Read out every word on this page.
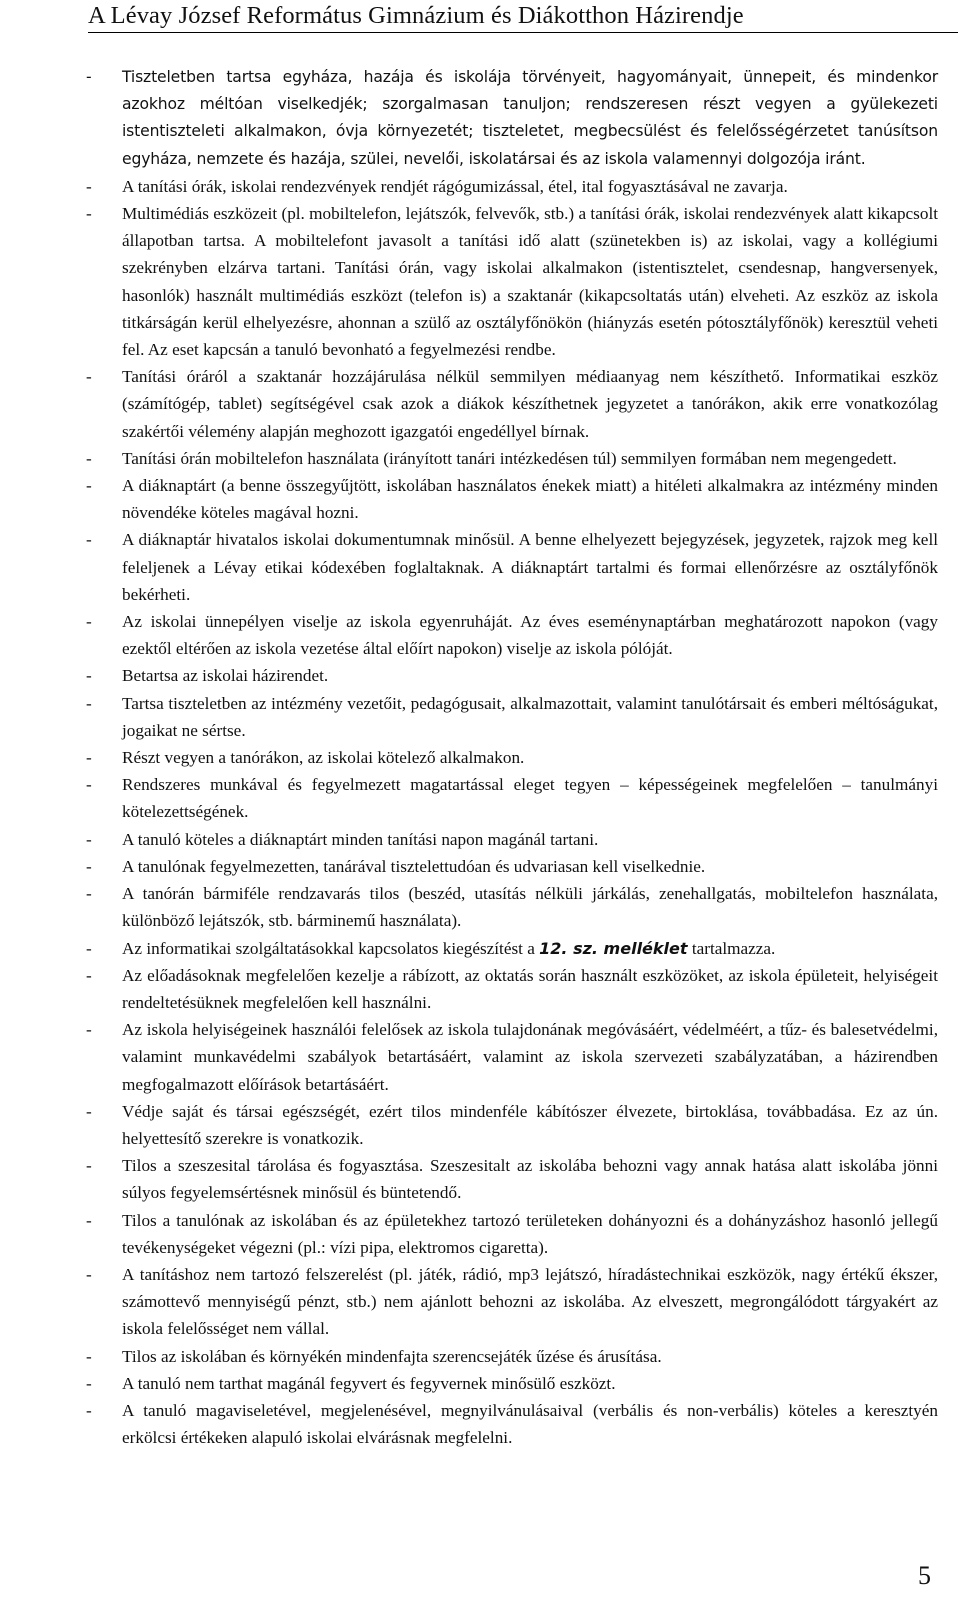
A Lévay József Református Gimnázium és Diákotthon Házirendje
- Tiszteletben tartsa egyháza, hazája és iskolája törvényeit, hagyományait, ünnepeit, és mindenkor azokhoz méltóan viselkedjék; szorgalmasan tanuljon; rendszeresen részt vegyen a gyülekezeti istentiszteleti alkalmakon, óvja környezetét; tiszteletet, megbecsülést és felelősségérzetet tanúsítson egyháza, nemzete és hazája, szülei, nevelői, iskolatársai és az iskola valamennyi dolgozója iránt.
- A tanítási órák, iskolai rendezvények rendjét rágógumizással, étel, ital fogyasztásával ne zavarja.
- Multimédiás eszközeit (pl. mobiltelefon, lejátszók, felvevők, stb.) a tanítási órák, iskolai rendezvények alatt kikapcsolt állapotban tartsa. A mobiltelefont javasolt a tanítási idő alatt (szünetekben is) az iskolai, vagy a kollégiumi szekrényben elzárva tartani. Tanítási órán, vagy iskolai alkalmakon (istentisztelet, csendesnap, hangversenyek, hasonlók) használt multimédiás eszközt (telefon is) a szaktanár (kikapcsoltatás után) elveheti. Az eszköz az iskola titkárságán kerül elhelyezésre, ahonnan a szülő az osztályfőnökön (hiányzás esetén pótosztályfőnök) keresztül veheti fel. Az eset kapcsán a tanuló bevonható a fegyelmezési rendbe.
- Tanítási óráról a szaktanár hozzájárulása nélkül semmilyen médiaanyag nem készíthető. Informatikai eszköz (számítógép, tablet) segítségével csak azok a diákok készíthetnek jegyzetet a tanórákon, akik erre vonatkozólag szakértői vélemény alapján meghozott igazgatói engedéllyel bírnak.
- Tanítási órán mobiltelefon használata (irányított tanári intézkedésen túl) semmilyen formában nem megengedett.
- A diáknaptárt (a benne összegyűjtött, iskolában használatos énekek miatt) a hitéleti alkalmakra az intézmény minden növendéke köteles magával hozni.
- A diáknaptár hivatalos iskolai dokumentumnak minősül. A benne elhelyezett bejegyzések, jegyzetek, rajzok meg kell feleljenek a Lévay etikai kódexében foglaltaknak. A diáknaptárt tartalmi és formai ellenőrzésre az osztályfőnök bekérheti.
- Az iskolai ünnepélyen viselje az iskola egyenruháját. Az éves eseménynaptárban meghatározott napokon (vagy ezektől eltérően az iskola vezetése által előírt napokon) viselje az iskola pólóját.
- Betartsa az iskolai házirendet.
- Tartsa tiszteletben az intézmény vezetőit, pedagógusait, alkalmazottait, valamint tanulótársait és emberi méltóságukat, jogaikat ne sértse.
- Részt vegyen a tanórákon, az iskolai kötelező alkalmakon.
- Rendszeres munkával és fegyelmezett magatartással eleget tegyen – képességeinek megfelelően – tanulmányi kötelezettségének.
- A tanuló köteles a diáknaptárt minden tanítási napon magánál tartani.
- A tanulónak fegyelmezetten, tanárával tisztelettudóan és udvariasan kell viselkednie.
- A tanórán bármiféle rendzavarás tilos (beszéd, utasítás nélküli járkálás, zenehallgatás, mobiltelefon használata, különböző lejátszók, stb. bárminemű használata).
- Az informatikai szolgáltatásokkal kapcsolatos kiegészítést a 12. sz. melléklet tartalmazza.
- Az előadásoknak megfelelően kezelje a rábízott, az oktatás során használt eszközöket, az iskola épületeit, helyiségeit rendeltetésüknek megfelelően kell használni.
- Az iskola helyiségeinek használói felelősek az iskola tulajdonának megóvásáért, védelméért, a tűz- és balesetvédelmi, valamint munkavédelmi szabályok betartásáért, valamint az iskola szervezeti szabályzatában, a házirendben megfogalmazott előírások betartásáért.
- Védje saját és társai egészségét, ezért tilos mindenféle kábítószer élvezete, birtoklása, továbbadása. Ez az ún. helyettesítő szerekre is vonatkozik.
- Tilos a szeszesital tárolása és fogyasztása. Szeszesitalt az iskolába behozni vagy annak hatása alatt iskolába jönni súlyos fegyelemsértésnek minősül és büntetendő.
- Tilos a tanulónak az iskolában és az épületekhez tartozó területeken dohányozni és a dohányzáshoz hasonló jellegű tevékenységeket végezni (pl.: vízi pipa, elektromos cigaretta).
- A tanításhoz nem tartozó felszerelést (pl. játék, rádió, mp3 lejátszó, híradástechnikai eszközök, nagy értékű ékszer, számottevő mennyiségű pénzt, stb.) nem ajánlott behozni az iskolába. Az elveszett, megrongálódott tárgyakért az iskola felelősséget nem vállal.
- Tilos az iskolában és környékén mindenfajta szerencsejáték űzése és árusítása.
- A tanuló nem tarthat magánál fegyvert és fegyvernek minősülő eszközt.
- A tanuló magaviseletével, megjelenésével, megnyilvánulásaival (verbális és non-verbális) köteles a keresztyén erkölcsi értékeken alapuló iskolai elvárásnak megfelelni.
5
